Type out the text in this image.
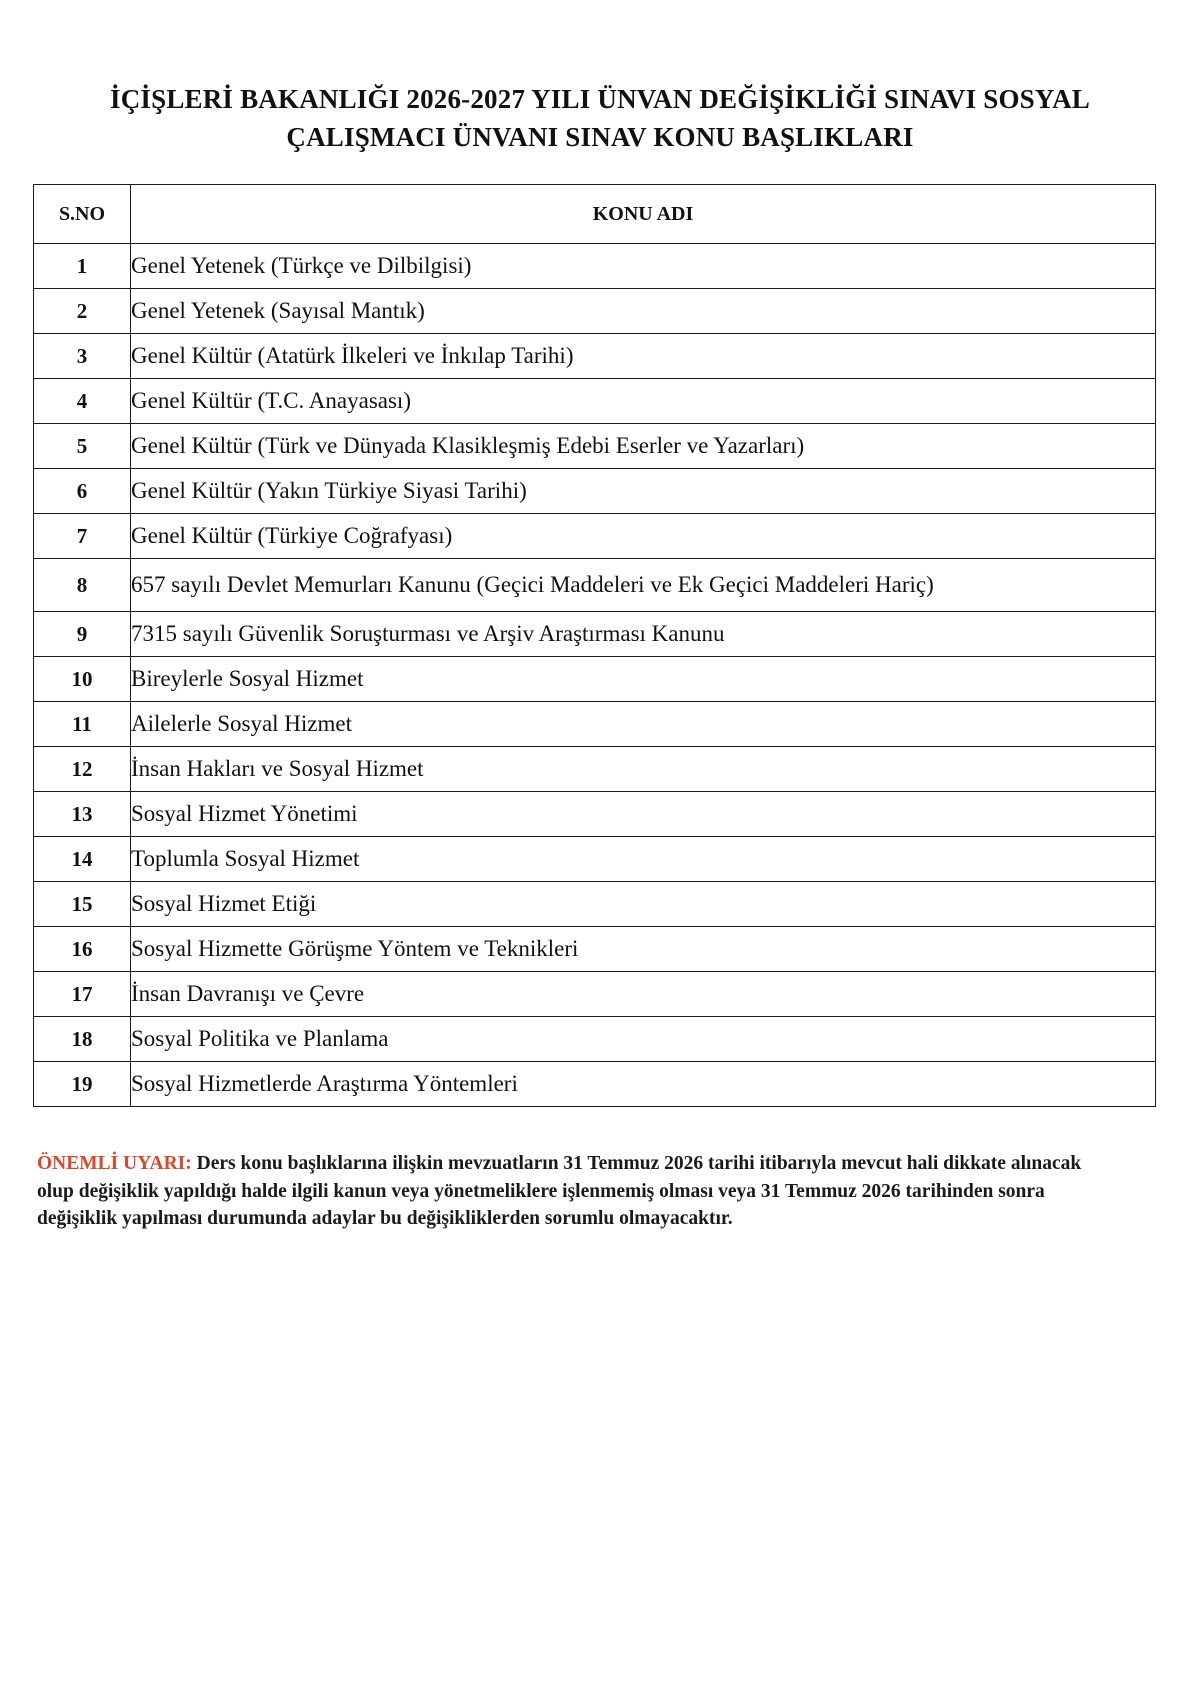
İÇİŞLERİ BAKANLIĞI 2026-2027 YILI ÜNVAN DEĞİŞİKLİĞİ SINAVI SOSYAL
ÇALIŞMACI ÜNVANI SINAV KONU BAŞLIKLARI
S.NO	KONU ADI
1	Genel Yetenek (Türkçe ve Dilbilgisi)
2	Genel Yetenek (Sayısal Mantık)
3	Genel Kültür (Atatürk İlkeleri ve İnkılap Tarihi)
4	Genel Kültür (T.C. Anayasası)
5	Genel Kültür (Türk ve Dünyada Klasikleşmiş Edebi Eserler ve Yazarları)
6	Genel Kültür (Yakın Türkiye Siyasi Tarihi)
7	Genel Kültür (Türkiye Coğrafyası)
8	657 sayılı Devlet Memurları Kanunu (Geçici Maddeleri ve Ek Geçici Maddeleri Hariç)
9	7315 sayılı Güvenlik Soruşturması ve Arşiv Araştırması Kanunu
10	Bireylerle Sosyal Hizmet
11	Ailelerle Sosyal Hizmet
12	İnsan Hakları ve Sosyal Hizmet
13	Sosyal Hizmet Yönetimi
14	Toplumla Sosyal Hizmet
15	Sosyal Hizmet Etiği
16	Sosyal Hizmette Görüşme Yöntem ve Teknikleri
17	İnsan Davranışı ve Çevre
18	Sosyal Politika ve Planlama
19	Sosyal Hizmetlerde Araştırma Yöntemleri
ÖNEMLİ UYARI: Ders konu başlıklarına ilişkin mevzuatların 31 Temmuz 2026 tarihi itibarıyla mevcut hali dikkate alınacak olup değişiklik yapıldığı halde ilgili kanun veya yönetmeliklere işlenmemiş olması veya 31 Temmuz 2026 tarihinden sonra değişiklik yapılması durumunda adaylar bu değişikliklerden sorumlu olmayacaktır.
